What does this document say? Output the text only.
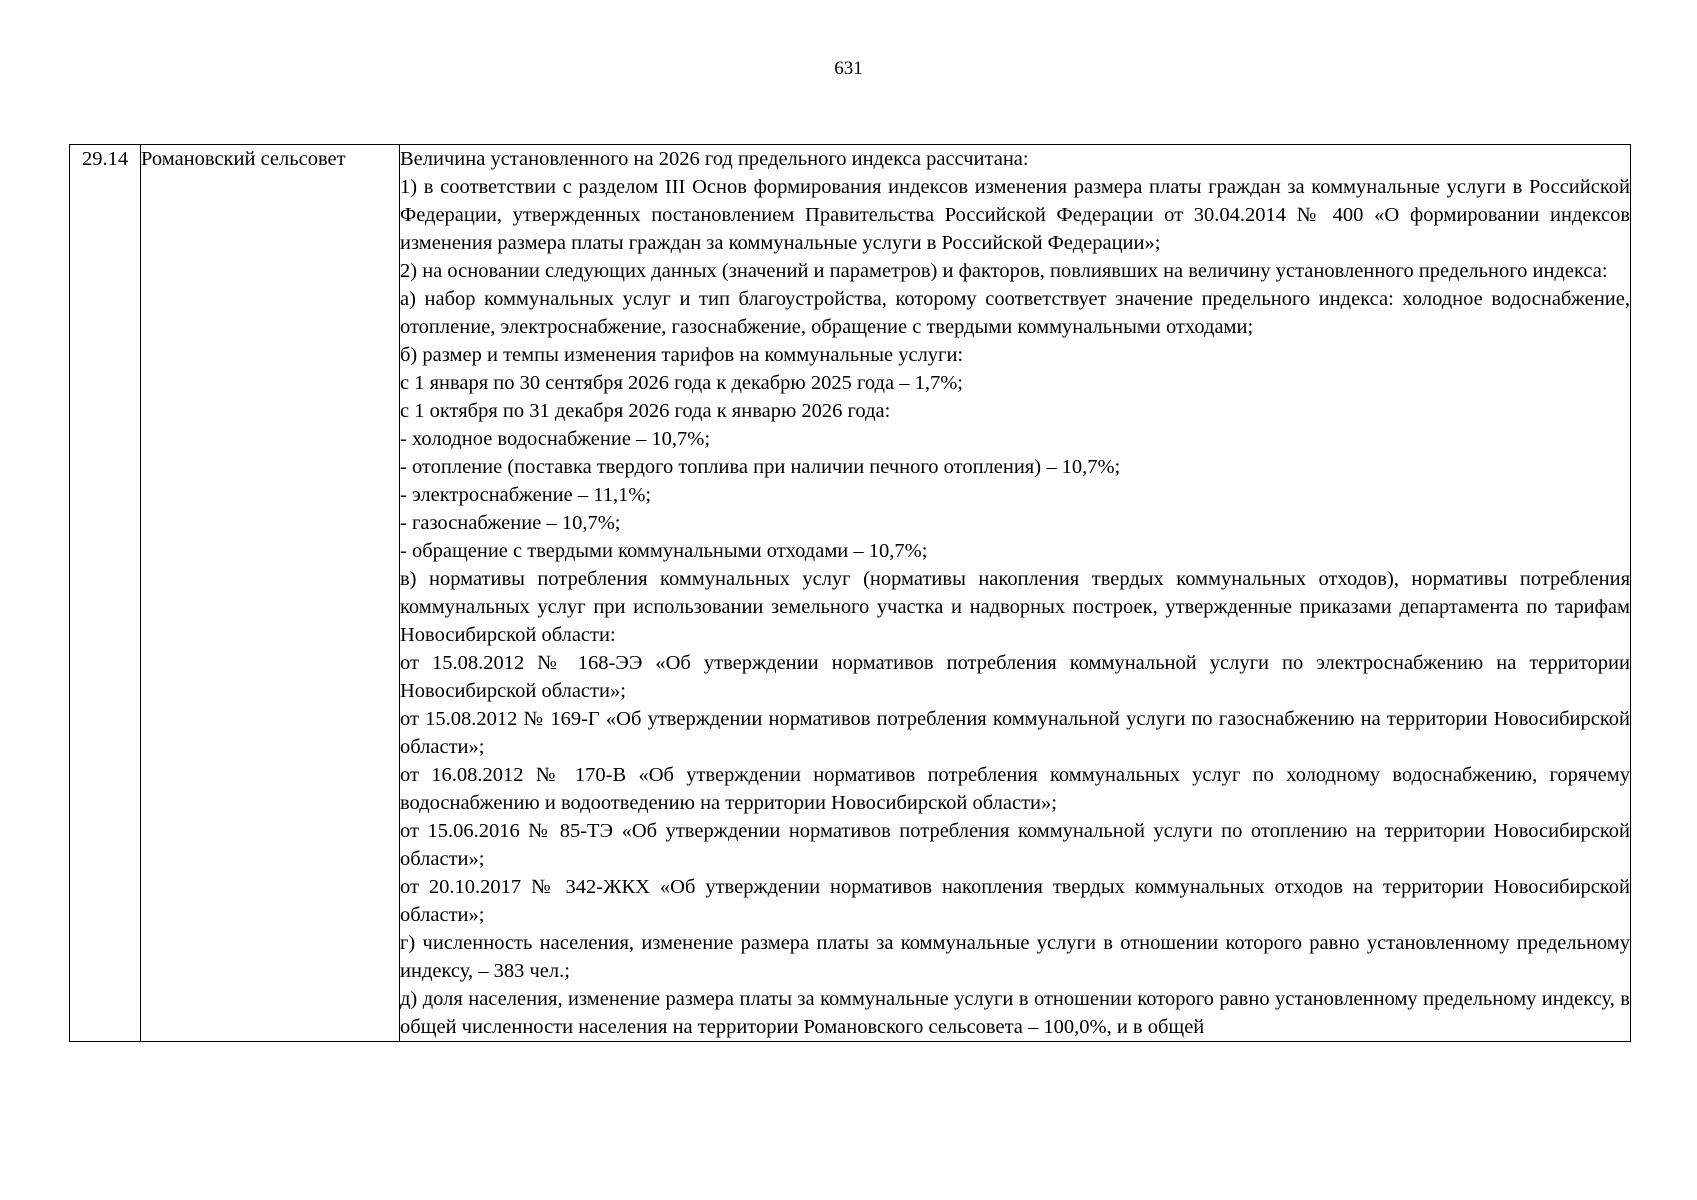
631
29.14	Романовский сельсовет	Величина установленного на 2026 год предельного индекса рассчитана:

1) в соответствии с разделом III Основ формирования индексов изменения размера платы граждан за коммунальные услуги в Российской Федерации, утвержденных постановлением Правительства Российской Федерации от 30.04.2014 № 400 «О формировании индексов изменения размера платы граждан за коммунальные услуги в Российской Федерации»;

2) на основании следующих данных (значений и параметров) и факторов, повлиявших на величину установленного предельного индекса:

а) набор коммунальных услуг и тип благоустройства, которому соответствует значение предельного индекса: холодное водоснабжение, отопление, электроснабжение, газоснабжение, обращение с твердыми коммунальными отходами;

б) размер и темпы изменения тарифов на коммунальные услуги:

с 1 января по 30 сентября 2026 года к декабрю 2025 года – 1,7%;

с 1 октября по 31 декабря 2026 года к январю 2026 года:

- холодное водоснабжение – 10,7%;

- отопление (поставка твердого топлива при наличии печного отопления) – 10,7%;

- электроснабжение – 11,1%;

- газоснабжение – 10,7%;

- обращение с твердыми коммунальными отходами – 10,7%;

в) нормативы потребления коммунальных услуг (нормативы накопления твердых коммунальных отходов), нормативы потребления коммунальных услуг при использовании земельного участка и надворных построек, утвержденные приказами департамента по тарифам Новосибирской области:

от 15.08.2012 № 168-ЭЭ «Об утверждении нормативов потребления коммунальной услуги по электроснабжению на территории Новосибирской области»;

от 15.08.2012 № 169-Г «Об утверждении нормативов потребления коммунальной услуги по газоснабжению на территории Новосибирской области»;

от 16.08.2012 № 170-В «Об утверждении нормативов потребления коммунальных услуг по холодному водоснабжению, горячему водоснабжению и водоотведению на территории Новосибирской области»;

от 15.06.2016 № 85-ТЭ «Об утверждении нормативов потребления коммунальной услуги по отоплению на территории Новосибирской области»;

от 20.10.2017 № 342-ЖКХ «Об утверждении нормативов накопления твердых коммунальных отходов на территории Новосибирской области»;

г) численность населения, изменение размера платы за коммунальные услуги в отношении которого равно установленному предельному индексу, – 383 чел.;

д) доля населения, изменение размера платы за коммунальные услуги в отношении которого равно установленному предельному индексу, в общей численности населения на территории Романовского сельсовета – 100,0%, и в общей
